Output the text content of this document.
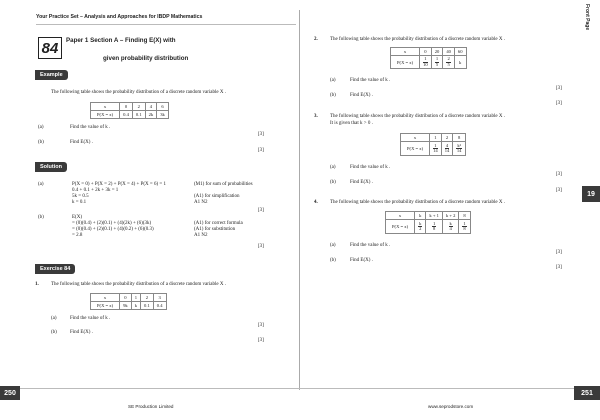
Your Practice Set – Analysis and Approaches for IBDP Mathematics	Front Page
84 Paper 1 Section A – Finding E(X) with
given probability distribution
Example
The following table shows the probability distribution of a discrete random variable X .
x	0	2	4	6
P(X = x)	0.4	0.1	2k	3k
(a)	Find the value of k .
[3]
(b)	Find E(X) .
[3]
Solution
(a)	P(X = 0) + P(X = 2) + P(X = 4) + P(X = 6) = 1
0.4 + 0.1 + 2k + 3k = 1
5k = 0.5
k = 0.1
(M1) for sum of probabilities
(A1) for simplification
A1 N2
[3]
(b)	E(X)
= (0)(0.4) + (2)(0.1) + (4)(2k) + (6)(3k)
= (0)(0.4) + (2)(0.1) + (4)(0.2) + (6)(0.3)
= 2.8
(A1) for correct formula
(A1) for substitution
A1 N2
[3]
Exercise 84
1. The following table shows the probability distribution of a discrete random variable X .
x	0	1	2	3
P(X = x)	9k	k	0.1	0.4
(a)	Find the value of k .
[3]
(b)	Find E(X) .
[3]
2. The following table shows the probability distribution of a discrete random variable X .
x	0	20	40	60
P(X = x)	$\frac{1}{10}$	$\frac{1}{5}$	$\frac{2}{5}$	k
(a)	Find the value of k .
[3]
(b)	Find E(X) .
[3]
3. The following table shows the probability distribution of a discrete random variable X .
It is given that k > 0 .
x	1	2	8
P(X = x)	$\frac{1}{14}$	$\frac{4}{14}$	$\frac{\text{k²}}{14}$
(a)	Find the value of k .
[3]
(b)	Find E(X) .
[3]	19
4. The following table shows the probability distribution of a discrete random variable X .
x	k	k + 1	k + 2	8
P(X = x)	$\frac{k}{2}$	$\frac{1}{8}$	$\frac{k}{4}$	$\frac{1}{8}$
(a)	Find the value of k .
[3]
(b)	Find E(X) .
[3]
250	251
SE Production Limited	www.seprodstore.com
